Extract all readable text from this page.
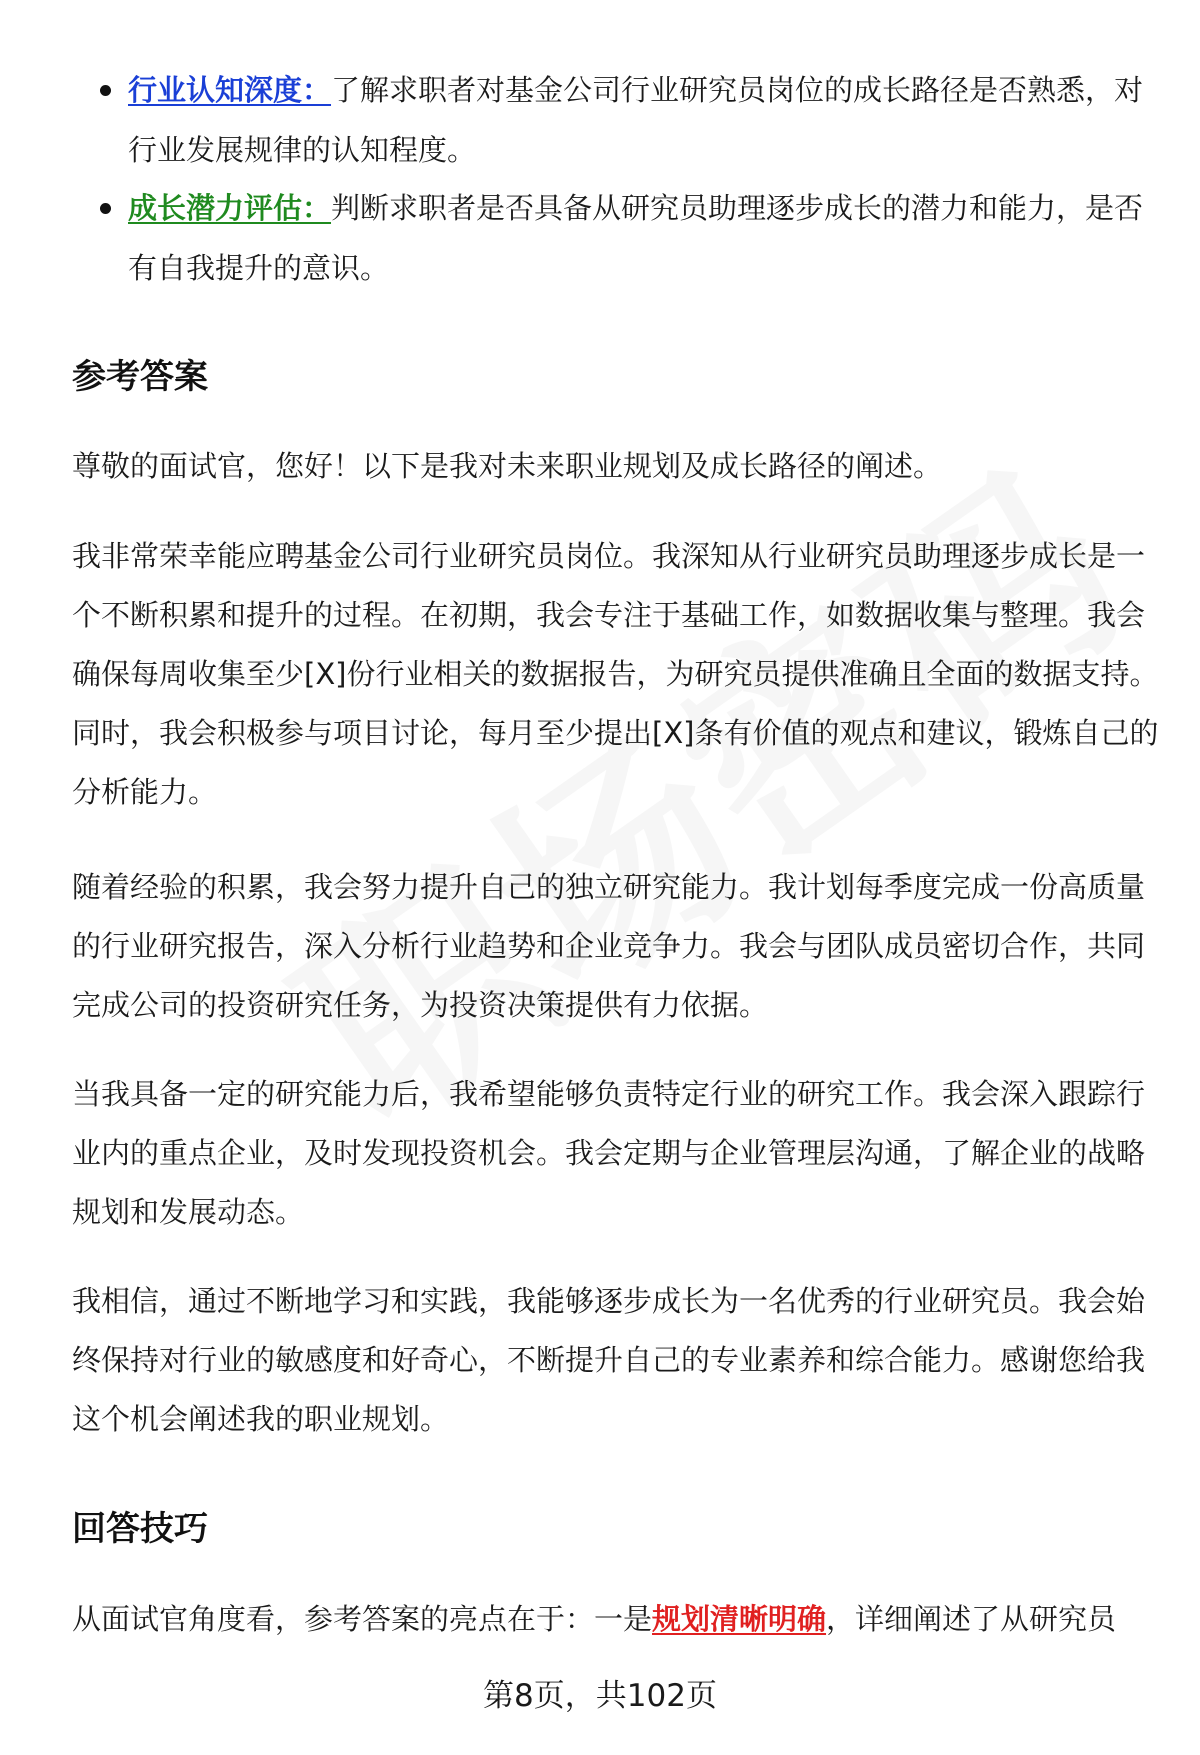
行业认知深度：了解求职者对基金公司行业研究员岗位的成长路径是否熟悉，对行业发展规律的认知程度。
成长潜力评估：判断求职者是否具备从研究员助理逐步成长的潜力和能力，是否有自我提升的意识。
参考答案

尊敬的面试官，您好！以下是我对未来职业规划及成长路径的阐述。

我非常荣幸能应聘基金公司行业研究员岗位。我深知从行业研究员助理逐步成长是一个不断积累和提升的过程。在初期，我会专注于基础工作，如数据收集与整理。我会确保每周收集至少[X]份行业相关的数据报告，为研究员提供准确且全面的数据支持。同时，我会积极参与项目讨论，每月至少提出[X]条有价值的观点和建议，锻炼自己的分析能力。

随着经验的积累，我会努力提升自己的独立研究能力。我计划每季度完成一份高质量的行业研究报告，深入分析行业趋势和企业竞争力。我会与团队成员密切合作，共同完成公司的投资研究任务，为投资决策提供有力依据。

当我具备一定的研究能力后，我希望能够负责特定行业的研究工作。我会深入跟踪行业内的重点企业，及时发现投资机会。我会定期与企业管理层沟通，了解企业的战略规划和发展动态。

我相信，通过不断地学习和实践，我能够逐步成长为一名优秀的行业研究员。我会始终保持对行业的敏感度和好奇心，不断提升自己的专业素养和综合能力。感谢您给我这个机会阐述我的职业规划。

回答技巧

从面试官角度看，参考答案的亮点在于：一是规划清晰明确，详细阐述了从研究员

第8页，共102页
